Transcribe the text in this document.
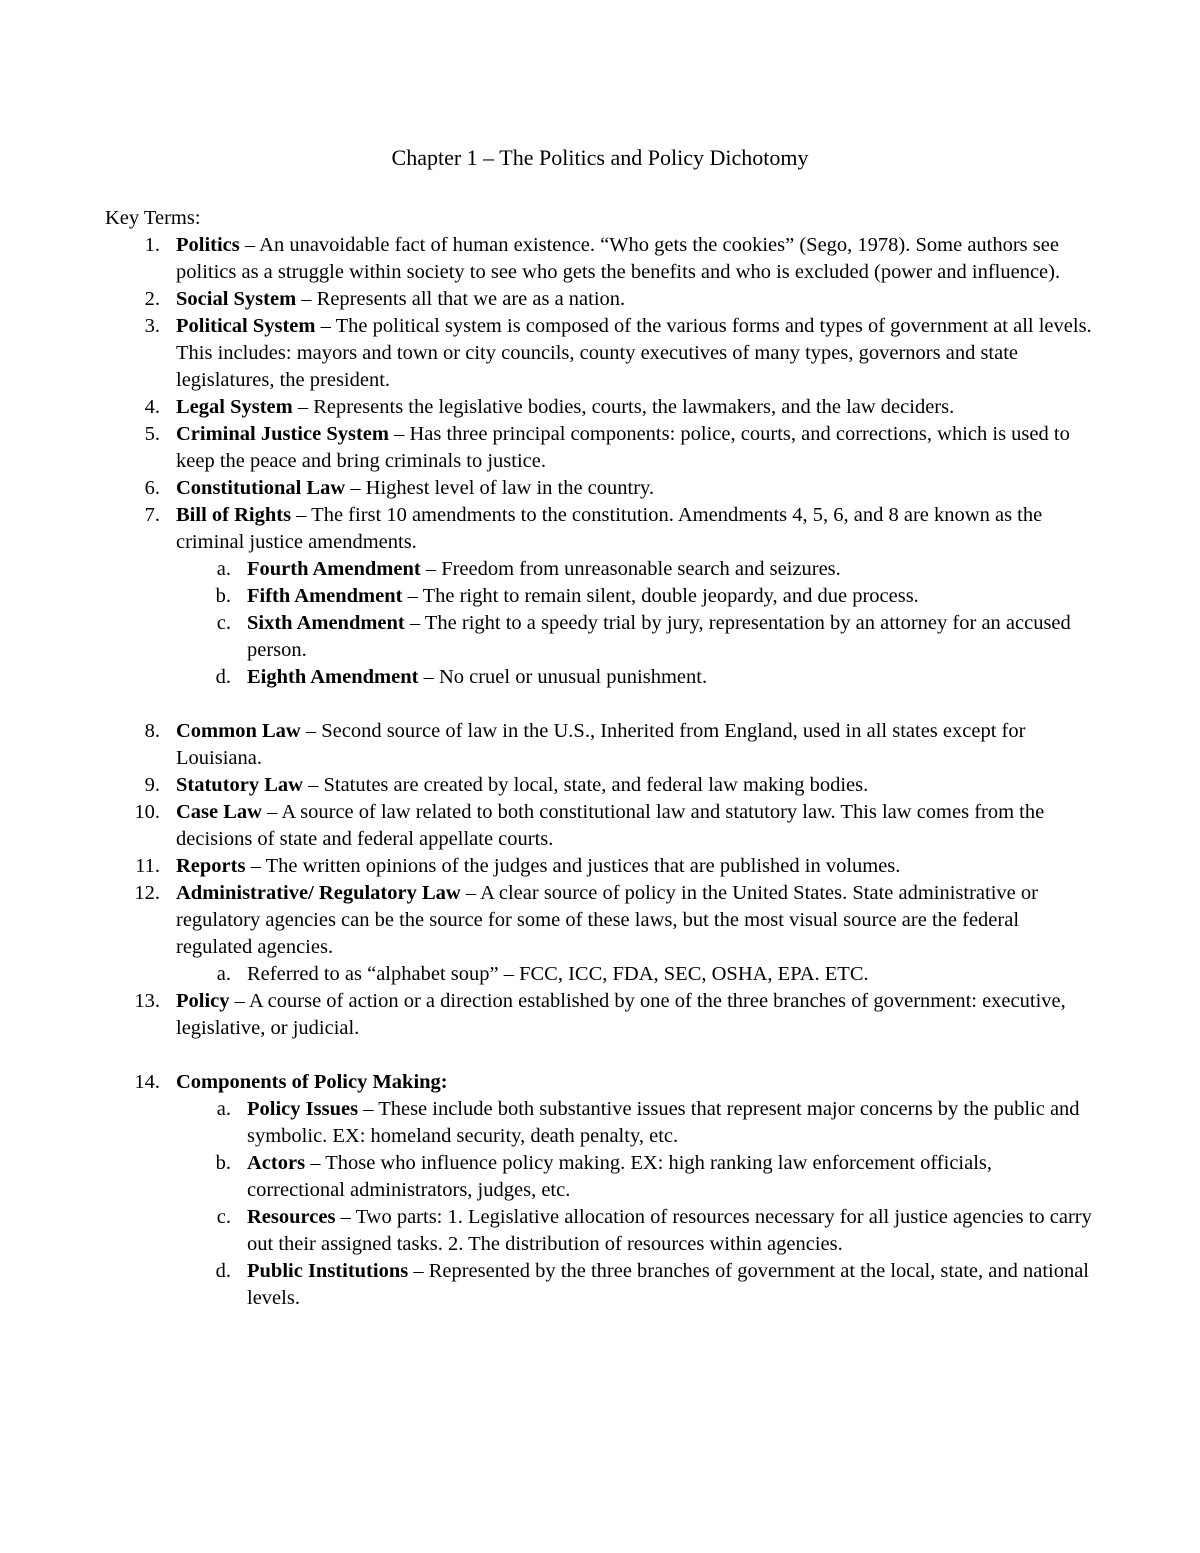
Chapter 1 – The Politics and Policy Dichotomy

Key Terms:

1. Politics – An unavoidable fact of human existence. “Who gets the cookies” (Sego, 1978). Some authors see politics as a struggle within society to see who gets the benefits and who is excluded (power and influence).
2. Social System – Represents all that we are as a nation.
3. Political System – The political system is composed of the various forms and types of government at all levels. This includes: mayors and town or city councils, county executives of many types, governors and state legislatures, the president.
4. Legal System – Represents the legislative bodies, courts, the lawmakers, and the law deciders.
5. Criminal Justice System – Has three principal components: police, courts, and corrections, which is used to keep the peace and bring criminals to justice.
6. Constitutional Law – Highest level of law in the country.
7. Bill of Rights – The first 10 amendments to the constitution. Amendments 4, 5, 6, and 8 are known as the criminal justice amendments.
a. Fourth Amendment – Freedom from unreasonable search and seizures.
b. Fifth Amendment – The right to remain silent, double jeopardy, and due process.
c. Sixth Amendment – The right to a speedy trial by jury, representation by an attorney for an accused person.
d. Eighth Amendment – No cruel or unusual punishment.
8. Common Law – Second source of law in the U.S., Inherited from England, used in all states except for Louisiana.
9. Statutory Law – Statutes are created by local, state, and federal law making bodies.
10. Case Law – A source of law related to both constitutional law and statutory law. This law comes from the decisions of state and federal appellate courts.
11. Reports – The written opinions of the judges and justices that are published in volumes.
12. Administrative/ Regulatory Law – A clear source of policy in the United States. State administrative or regulatory agencies can be the source for some of these laws, but the most visual source are the federal regulated agencies.
a. Referred to as “alphabet soup” – FCC, ICC, FDA, SEC, OSHA, EPA. ETC.
13. Policy – A course of action or a direction established by one of the three branches of government: executive, legislative, or judicial.
14. Components of Policy Making:
a. Policy Issues – These include both substantive issues that represent major concerns by the public and symbolic. EX: homeland security, death penalty, etc.
b. Actors – Those who influence policy making. EX: high ranking law enforcement officials, correctional administrators, judges, etc.
c. Resources – Two parts: 1. Legislative allocation of resources necessary for all justice agencies to carry out their assigned tasks. 2. The distribution of resources within agencies.
d. Public Institutions – Represented by the three branches of government at the local, state, and national levels.
